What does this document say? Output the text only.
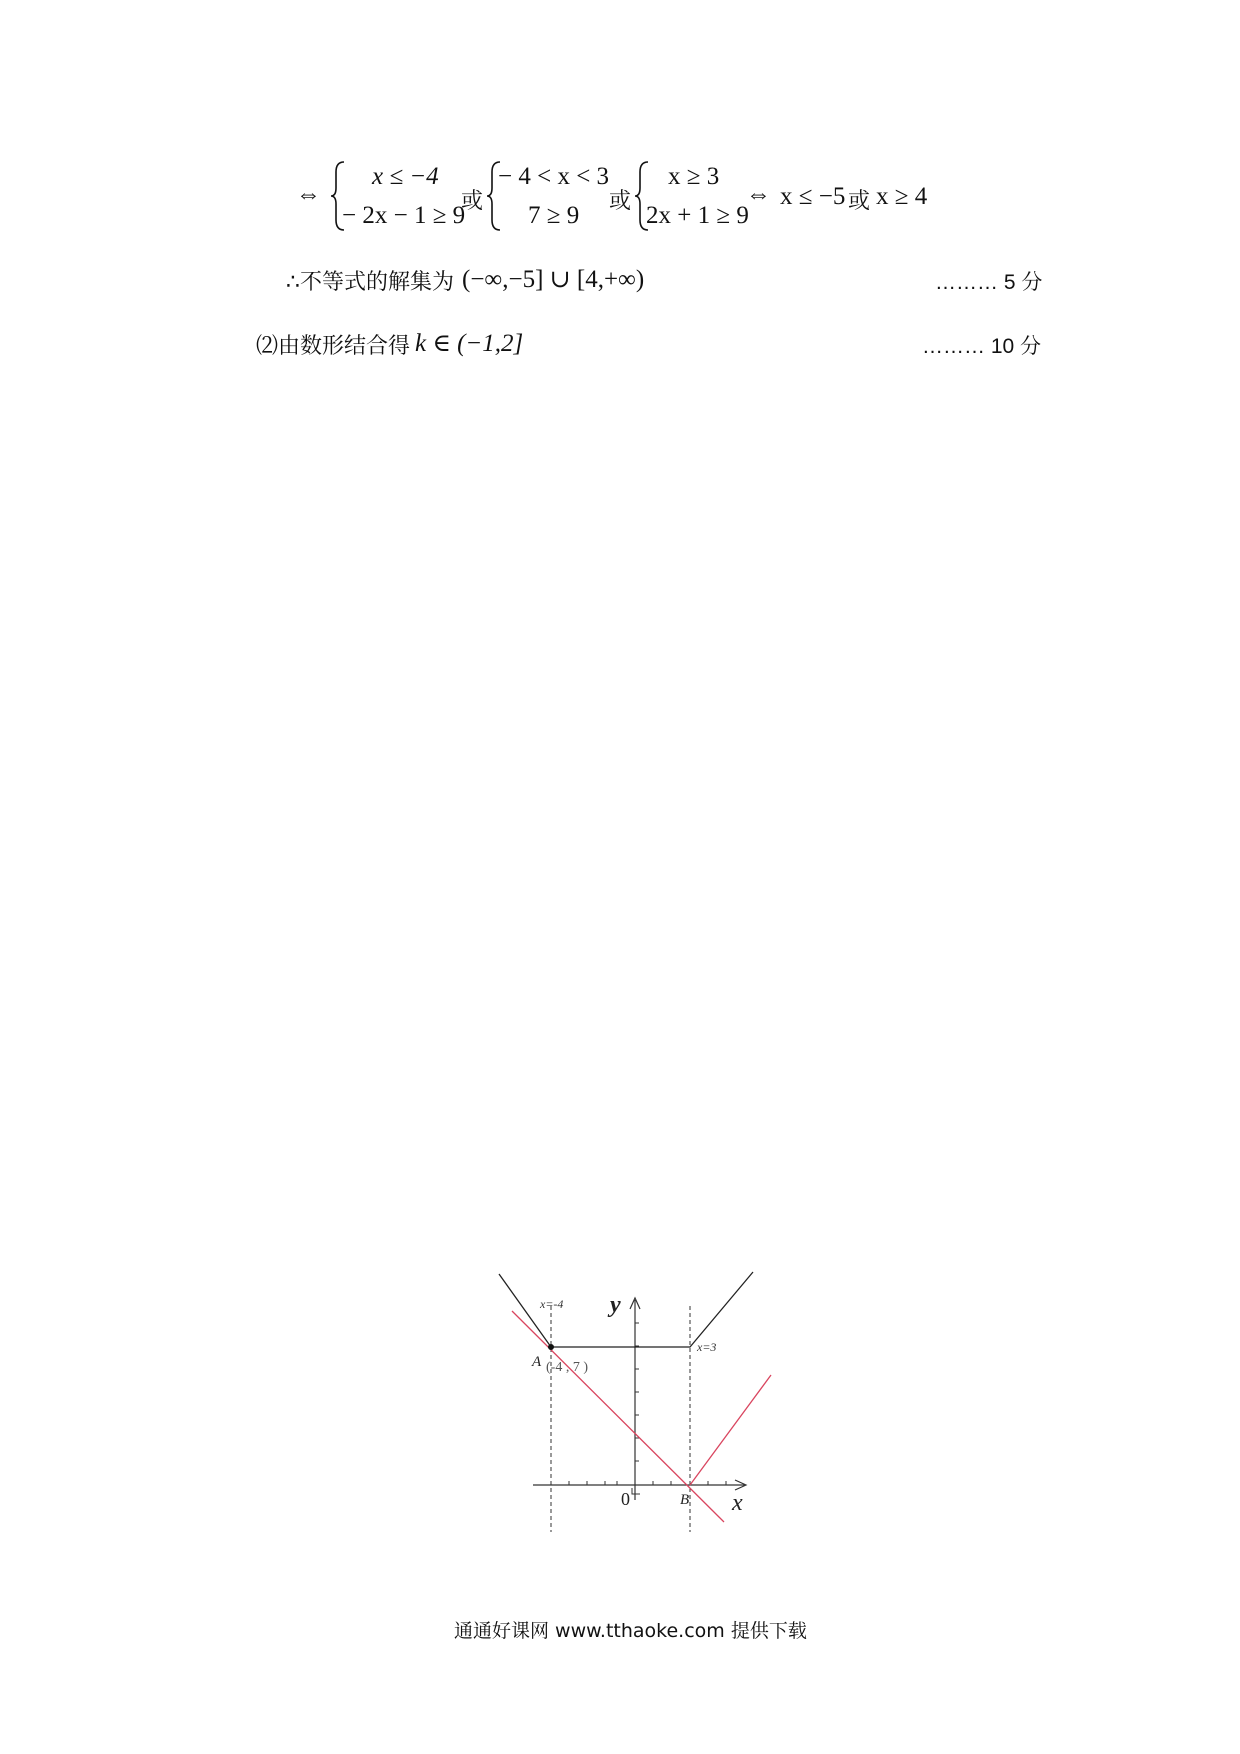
⇔
x ≤ −4
− 2x − 1 ≥ 9
或
− 4 < x < 3
7 ≥ 9
或
x ≥ 3
2x + 1 ≥ 9
⇔ x ≤ −5 或 x ≥ 4
∴不等式的解集为 (−∞,−5] ∪ [4,+∞)	……… 5 分
⑵由数形结合得 k ∈ (−1,2]	……… 10 分
x=-4
x=3
y
x
0
A (-4 , 7 )
B
通通好课网 www.tthaoke.com 提供下载
